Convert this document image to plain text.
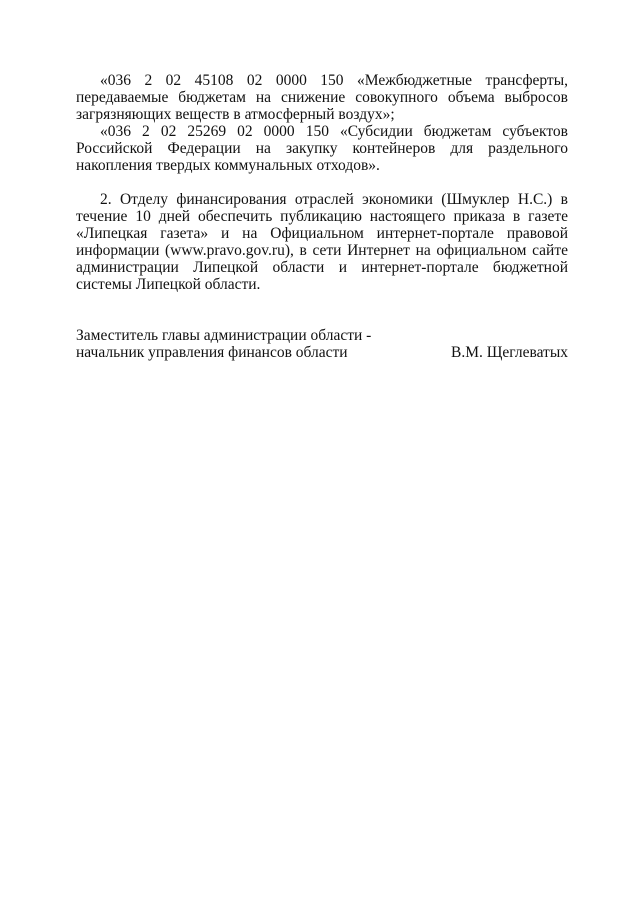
«036 2 02 45108 02 0000 150 «Межбюджетные трансферты, передаваемые бюджетам на снижение совокупного объема выбросов загрязняющих веществ в атмосферный воздух»;

«036 2 02 25269 02 0000 150 «Субсидии бюджетам субъектов Российской Федерации на закупку контейнеров для раздельного накопления твердых коммунальных отходов».

2. Отделу финансирования отраслей экономики (Шмуклер Н.С.) в течение 10 дней обеспечить публикацию настоящего приказа в газете «Липецкая газета» и на Официальном интернет-портале правовой информации (www.pravo.gov.ru), в сети Интернет на официальном сайте администрации Липецкой области и интернет-портале бюджетной системы Липецкой области.

Заместитель главы администрации области -
начальник управления финансов области	В.М. Щеглеватых
